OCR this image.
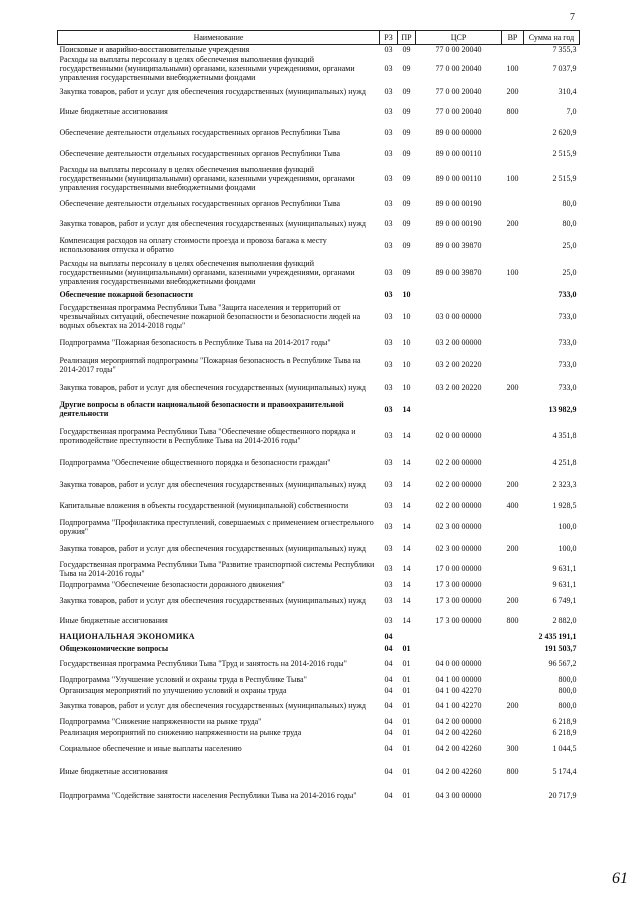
7
Наименование	РЗ	ПР	ЦСР	ВР	Сумма на год
Поисковые и аварийно-восстановительные учреждения	03	09	77 0 00 20040		7 355,3
Расходы на выплаты персоналу в целях обеспечения выполнения функций государственными (муниципальными) органами, казенными учреждениями, органами управления государственными внебюджетными фондами	03	09	77 0 00 20040	100	7 037,9
Закупка товаров, работ и услуг для обеспечения государственных (муниципальных) нужд	03	09	77 0 00 20040	200	310,4
Иные бюджетные ассигнования	03	09	77 0 00 20040	800	7,0
Обеспечение деятельности отдельных государственных органов Республики Тыва	03	09	89 0 00 00000		2 620,9
Обеспечение деятельности отдельных государственных органов Республики Тыва	03	09	89 0 00 00110		2 515,9
Расходы на выплаты персоналу в целях обеспечения выполнения функций государственными (муниципальными) органами, казенными учреждениями, органами управления государственными внебюджетными фондами	03	09	89 0 00 00110	100	2 515,9
Обеспечение деятельности отдельных государственных органов Республики Тыва	03	09	89 0 00 00190		80,0
Закупка товаров, работ и услуг для обеспечения государственных (муниципальных) нужд	03	09	89 0 00 00190	200	80,0
Компенсация расходов на оплату стоимости проезда и провоза багажа к месту использования отпуска и обратно	03	09	89 0 00 39870		25,0
Расходы на выплаты персоналу в целях обеспечения выполнения функций государственными (муниципальными) органами, казенными учреждениями, органами управления государственными внебюджетными фондами	03	09	89 0 00 39870	100	25,0
Обеспечение пожарной безопасности	03	10			733,0
Государственная программа Республики Тыва "Защита населения и территорий от чрезвычайных ситуаций, обеспечение пожарной безопасности и безопасности людей на водных объектах на 2014-2018 годы"	03	10	03 0 00 00000		733,0
Подпрограмма "Пожарная безопасность в Республике Тыва на 2014-2017 годы"	03	10	03 2 00 00000		733,0
Реализация мероприятий подпрограммы "Пожарная безопасность в Республике Тыва на 2014-2017 годы"	03	10	03 2 00 20220		733,0
Закупка товаров, работ и услуг для обеспечения государственных (муниципальных) нужд	03	10	03 2 00 20220	200	733,0
Другие вопросы в области национальной безопасности и правоохранительной деятельности	03	14			13 982,9
Государственная программа Республики Тыва "Обеспечение общественного порядка и противодействие преступности в Республике Тыва на 2014-2016 годы"	03	14	02 0 00 00000		4 351,8
Подпрограмма "Обеспечение общественного порядка и безопасности граждан"	03	14	02 2 00 00000		4 251,8
Закупка товаров, работ и услуг для обеспечения государственных (муниципальных) нужд	03	14	02 2 00 00000	200	2 323,3
Капитальные вложения в объекты государственной (муниципальной) собственности	03	14	02 2 00 00000	400	1 928,5
Подпрограмма "Профилактика преступлений, совершаемых с применением огнестрельного оружия"	03	14	02 3 00 00000		100,0
Закупка товаров, работ и услуг для обеспечения государственных (муниципальных) нужд	03	14	02 3 00 00000	200	100,0
Государственная программа Республики Тыва "Развитие транспортной системы Республики Тыва на 2014-2016 годы"	03	14	17 0 00 00000		9 631,1
Подпрограмма "Обеспечение безопасности дорожного движения"	03	14	17 3 00 00000		9 631,1
Закупка товаров, работ и услуг для обеспечения государственных (муниципальных) нужд	03	14	17 3 00 00000	200	6 749,1
Иные бюджетные ассигнования	03	14	17 3 00 00000	800	2 882,0
НАЦИОНАЛЬНАЯ ЭКОНОМИКА	04				2 435 191,1
Общеэкономические вопросы	04	01			191 503,7
Государственная программа Республики Тыва "Труд и занятость на 2014-2016 годы"	04	01	04 0 00 00000		96 567,2
Подпрограмма "Улучшение условий и охраны труда в Республике Тыва"	04	01	04 1 00 00000		800,0
Организация мероприятий по улучшению условий и охраны труда	04	01	04 1 00 42270		800,0
Закупка товаров, работ и услуг для обеспечения государственных (муниципальных) нужд	04	01	04 1 00 42270	200	800,0
Подпрограмма "Снижение напряженности на рынке труда"	04	01	04 2 00 00000		6 218,9
Реализация мероприятий по снижению напряженности на рынке труда	04	01	04 2 00 42260		6 218,9
Социальное обеспечение и иные выплаты населению	04	01	04 2 00 42260	300	1 044,5
Иные бюджетные ассигнования	04	01	04 2 00 42260	800	5 174,4
Подпрограмма "Содействие занятости населения Республики Тыва на 2014-2016 годы"	04	01	04 3 00 00000		20 717,9
61
